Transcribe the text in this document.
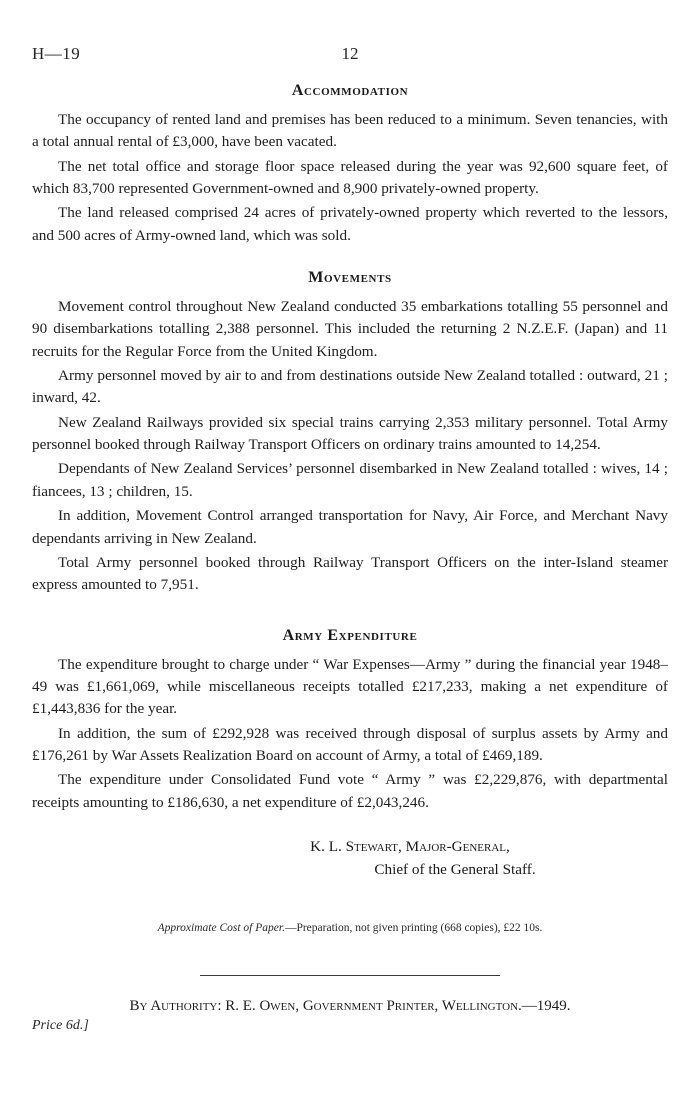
H—19	12
Accommodation

The occupancy of rented land and premises has been reduced to a minimum. Seven tenancies, with a total annual rental of £3,000, have been vacated.

The net total office and storage floor space released during the year was 92,600 square feet, of which 83,700 represented Government-owned and 8,900 privately-owned property.

The land released comprised 24 acres of privately-owned property which reverted to the lessors, and 500 acres of Army-owned land, which was sold.

Movements

Movement control throughout New Zealand conducted 35 embarkations totalling 55 personnel and 90 disembarkations totalling 2,388 personnel. This included the returning 2 N.Z.E.F. (Japan) and 11 recruits for the Regular Force from the United Kingdom.

Army personnel moved by air to and from destinations outside New Zealand totalled : outward, 21 ; inward, 42.

New Zealand Railways provided six special trains carrying 2,353 military personnel. Total Army personnel booked through Railway Transport Officers on ordinary trains amounted to 14,254.

Dependants of New Zealand Services’ personnel disembarked in New Zealand totalled : wives, 14 ; fiancees, 13 ; children, 15.

In addition, Movement Control arranged transportation for Navy, Air Force, and Merchant Navy dependants arriving in New Zealand.

Total Army personnel booked through Railway Transport Officers on the inter-Island steamer express amounted to 7,951.

Army Expenditure

The expenditure brought to charge under “ War Expenses—Army ” during the financial year 1948–49 was £1,661,069, while miscellaneous receipts totalled £217,233, making a net expenditure of £1,443,836 for the year.

In addition, the sum of £292,928 was received through disposal of surplus assets by Army and £176,261 by War Assets Realization Board on account of Army, a total of £469,189.

The expenditure under Consolidated Fund vote “ Army ” was £2,229,876, with departmental receipts amounting to £186,630, a net expenditure of £2,043,246.

K. L. Stewart, Major-General,
Chief of the General Staff.
Approximate Cost of Paper.—Preparation, not given printing (668 copies), £22 10s.
By Authority: R. E. Owen, Government Printer, Wellington.—1949.
Price 6d.]
